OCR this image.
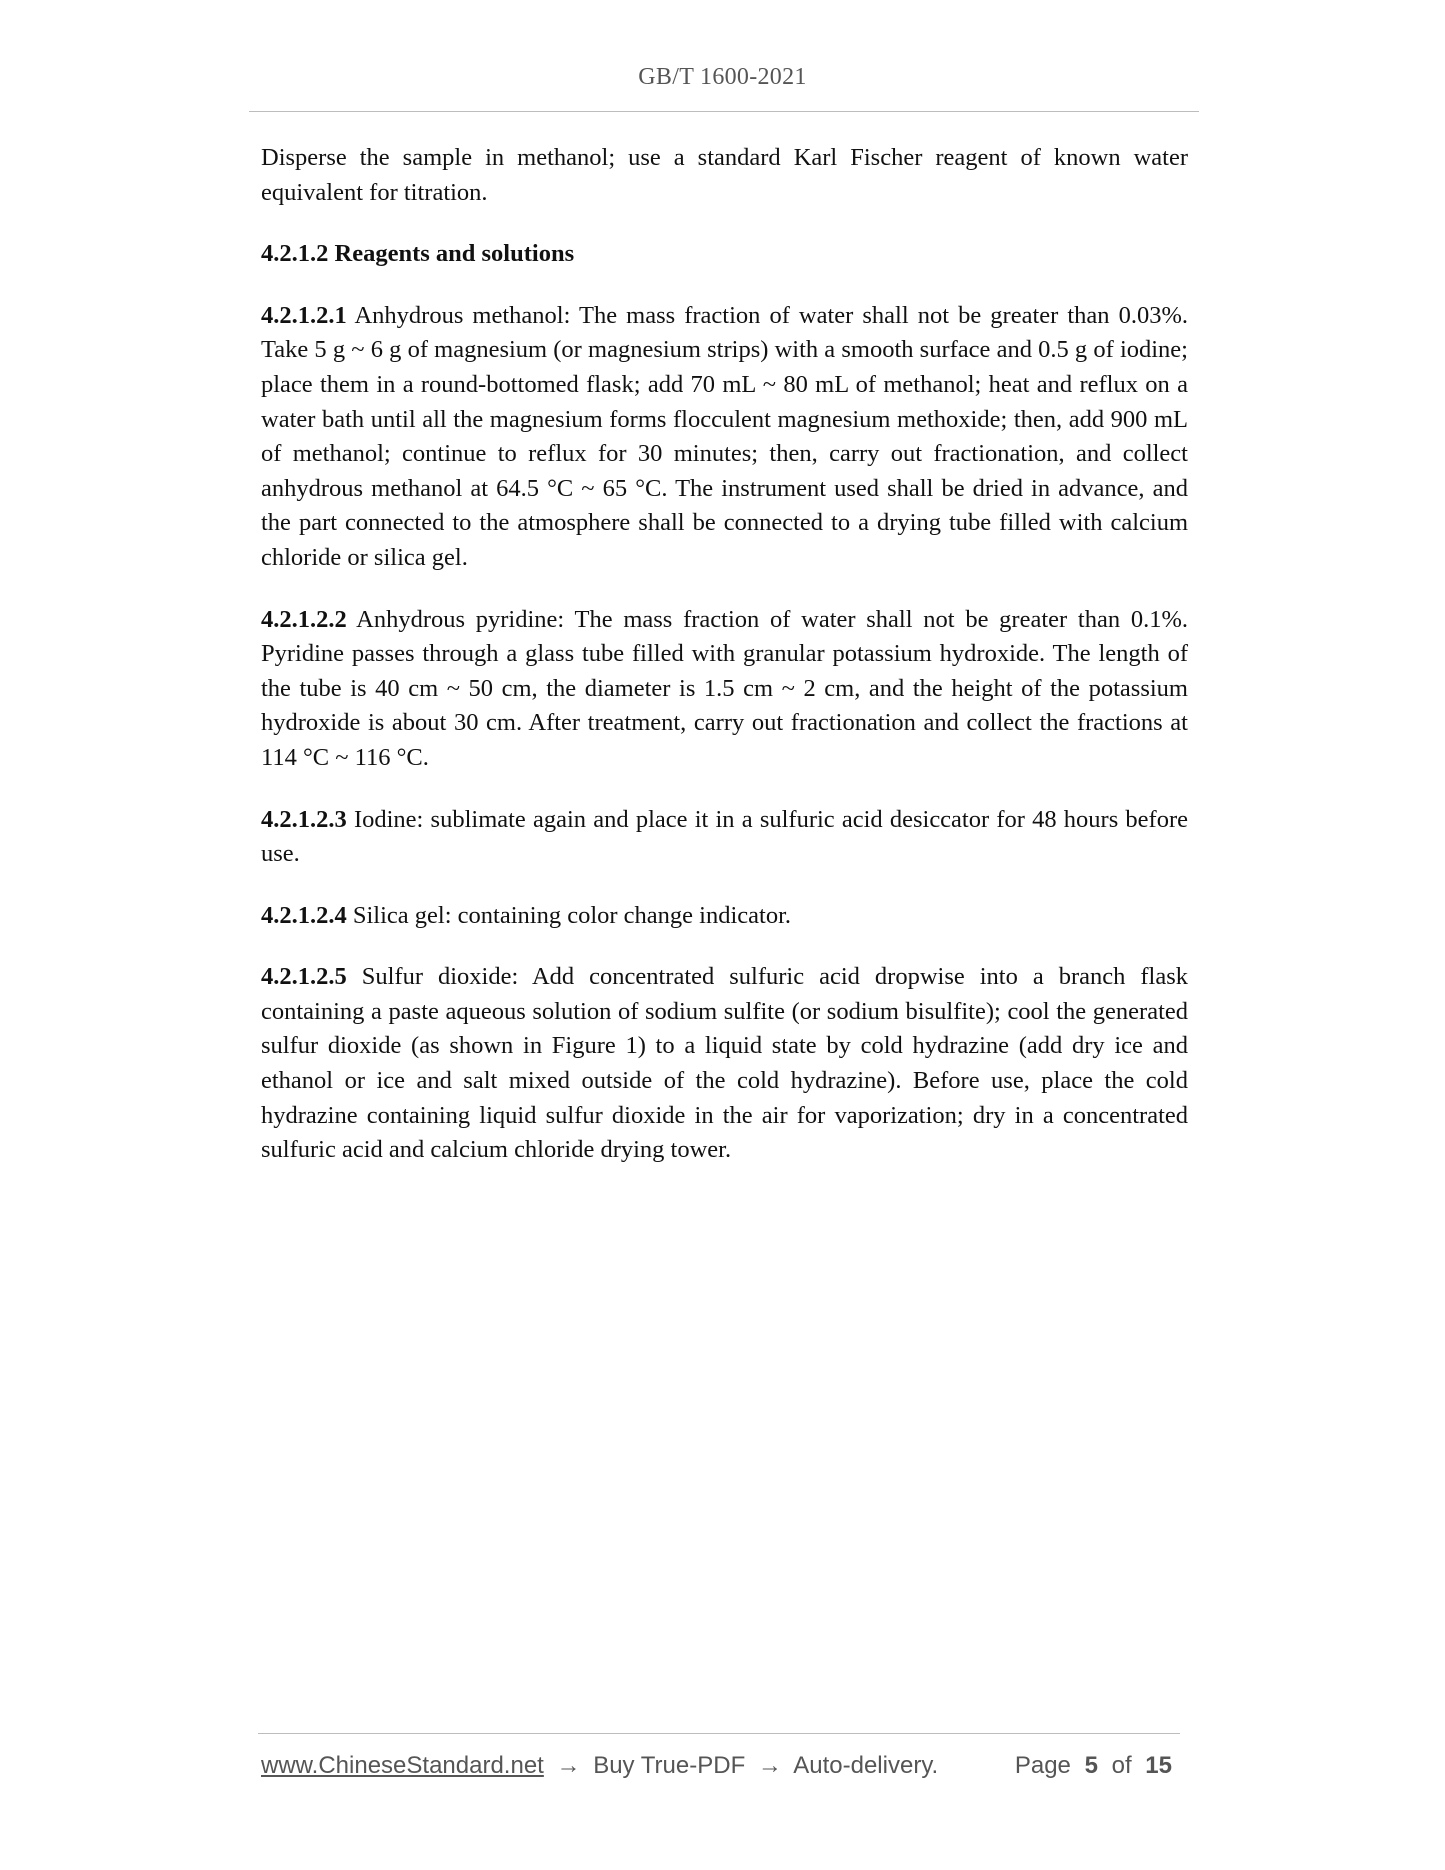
GB/T 1600-2021

Disperse the sample in methanol; use a standard Karl Fischer reagent of known water equivalent for titration.

4.2.1.2 Reagents and solutions

4.2.1.2.1 Anhydrous methanol: The mass fraction of water shall not be greater than 0.03%. Take 5 g ~ 6 g of magnesium (or magnesium strips) with a smooth surface and 0.5 g of iodine; place them in a round-bottomed flask; add 70 mL ~ 80 mL of methanol; heat and reflux on a water bath until all the magnesium forms flocculent magnesium methoxide; then, add 900 mL of methanol; continue to reflux for 30 minutes; then, carry out fractionation, and collect anhydrous methanol at 64.5 °C ~ 65 °C. The instrument used shall be dried in advance, and the part connected to the atmosphere shall be connected to a drying tube filled with calcium chloride or silica gel.

4.2.1.2.2 Anhydrous pyridine: The mass fraction of water shall not be greater than 0.1%. Pyridine passes through a glass tube filled with granular potassium hydroxide. The length of the tube is 40 cm ~ 50 cm, the diameter is 1.5 cm ~ 2 cm, and the height of the potassium hydroxide is about 30 cm. After treatment, carry out fractionation and collect the fractions at 114 °C ~ 116 °C.

4.2.1.2.3 Iodine: sublimate again and place it in a sulfuric acid desiccator for 48 hours before use.

4.2.1.2.4 Silica gel: containing color change indicator.

4.2.1.2.5 Sulfur dioxide: Add concentrated sulfuric acid dropwise into a branch flask containing a paste aqueous solution of sodium sulfite (or sodium bisulfite); cool the generated sulfur dioxide (as shown in Figure 1) to a liquid state by cold hydrazine (add dry ice and ethanol or ice and salt mixed outside of the cold hydrazine). Before use, place the cold hydrazine containing liquid sulfur dioxide in the air for vaporization; dry in a concentrated sulfuric acid and calcium chloride drying tower.

www.ChineseStandard.net → Buy True-PDF → Auto-delivery.	Page 5 of 15
